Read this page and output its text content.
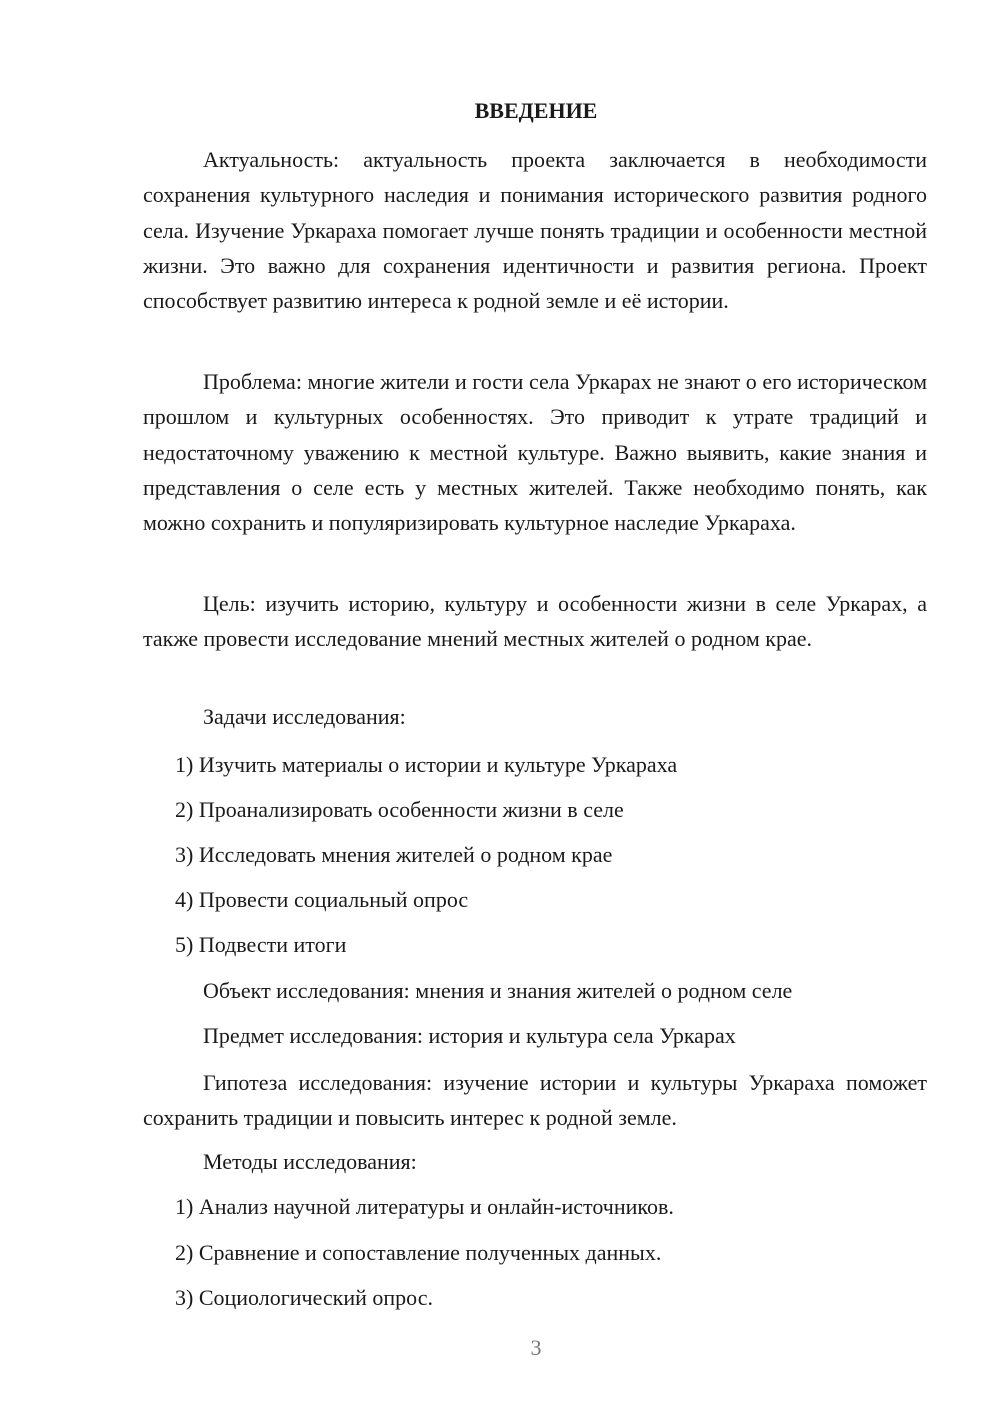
ВВЕДЕНИЕ

Актуальность: актуальность проекта заключается в необходимости сохранения культурного наследия и понимания исторического развития родного села. Изучение Уркараха помогает лучше понять традиции и особенности местной жизни. Это важно для сохранения идентичности и развития региона. Проект способствует развитию интереса к родной земле и её истории.

Проблема: многие жители и гости села Уркарах не знают о его историческом прошлом и культурных особенностях. Это приводит к утрате традиций и недостаточному уважению к местной культуре. Важно выявить, какие знания и представления о селе есть у местных жителей. Также необходимо понять, как можно сохранить и популяризировать культурное наследие Уркараха.

Цель: изучить историю, культуру и особенности жизни в селе Уркарах, а также провести исследование мнений местных жителей о родном крае.

Задачи исследования:

1) Изучить материалы о истории и культуре Уркараха

2) Проанализировать особенности жизни в селе

3) Исследовать мнения жителей о родном крае

4) Провести социальный опрос

5) Подвести итоги

Объект исследования: мнения и знания жителей о родном селе

Предмет исследования: история и культура села Уркарах

Гипотеза исследования: изучение истории и культуры Уркараха поможет сохранить традиции и повысить интерес к родной земле.

Методы исследования:

1) Анализ научной литературы и онлайн-источников.

2) Сравнение и сопоставление полученных данных.

3) Социологический опрос.

3
